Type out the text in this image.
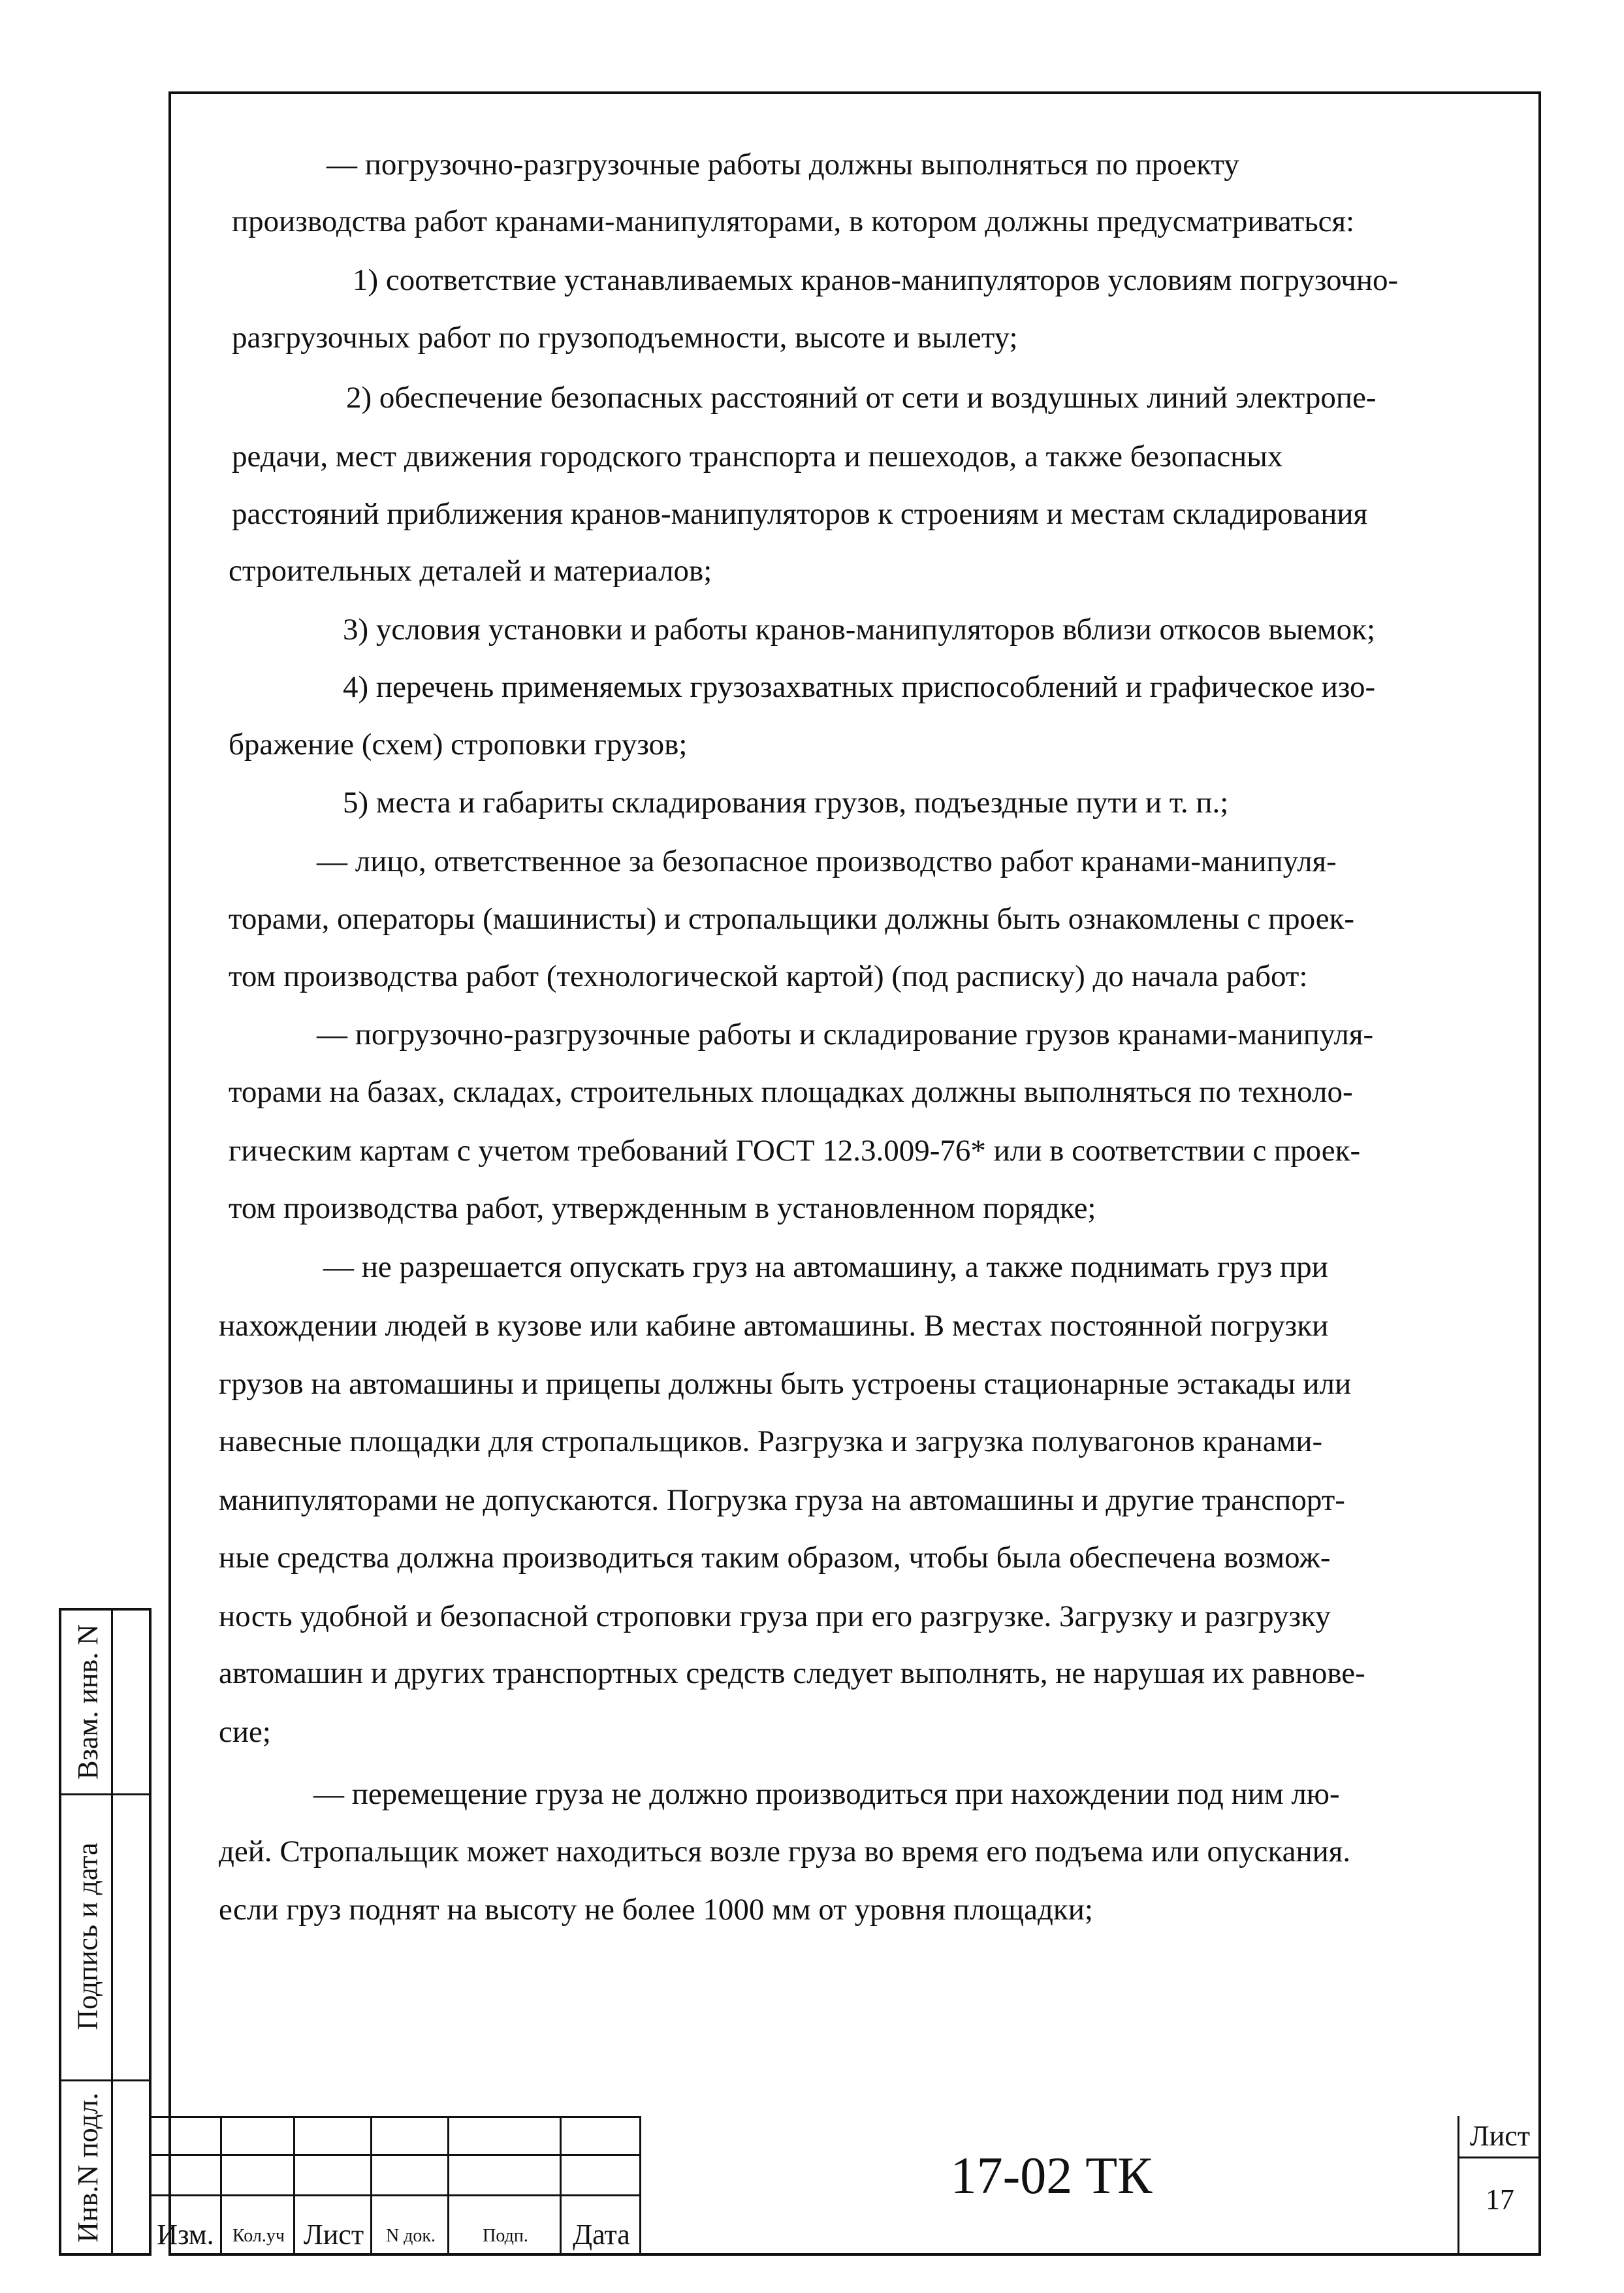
— погрузочно-разгрузочные работы должны выполняться по проекту
производства работ кранами-манипуляторами, в котором должны предусматриваться:
1) соответствие устанавливаемых кранов-манипуляторов условиям погрузочно-
разгрузочных работ по грузоподъемности, высоте и вылету;
2) обеспечение безопасных расстояний от сети и воздушных линий электропе-
редачи, мест движения городского транспорта и пешеходов, а также безопасных
расстояний приближения кранов-манипуляторов к строениям и местам складирования
строительных деталей и материалов;
3) условия установки и работы кранов-манипуляторов вблизи откосов выемок;
4) перечень применяемых грузозахватных приспособлений и графическое изо-
бражение (схем) строповки грузов;
5) места и габариты складирования грузов, подъездные пути и т. п.;
— лицо, ответственное за безопасное производство работ кранами-манипуля-
торами, операторы (машинисты) и стропальщики должны быть ознакомлены с проек-
том производства работ (технологической картой) (под расписку) до начала работ:
— погрузочно-разгрузочные работы и складирование грузов кранами-манипуля-
торами на базах, складах, строительных площадках должны выполняться по техноло-
гическим картам с учетом требований ГОСТ 12.3.009-76* или в соответствии с проек-
том производства работ, утвержденным в установленном порядке;
— не разрешается опускать груз на автомашину, а также поднимать груз при
нахождении людей в кузове или кабине автомашины. В местах постоянной погрузки
грузов на автомашины и прицепы должны быть устроены стационарные эстакады или
навесные площадки для стропальщиков. Разгрузка и загрузка полувагонов кранами-
манипуляторами не допускаются. Погрузка груза на автомашины и другие транспорт-
ные средства должна производиться таким образом, чтобы была обеспечена возмож-
ность удобной и безопасной строповки груза при его разгрузке. Загрузку и разгрузку
автомашин и других транспортных средств следует выполнять, не нарушая их равнове-
сие;
— перемещение груза не должно производиться при нахождении под ним лю-
дей. Стропальщик может находиться возле груза во время его подъема или опускания.
если груз поднят на высоту не более 1000 мм от уровня площадки;
Взам. инв. N
Подпись и дата
Инв.N подл. Изм.	Кол.уч Лист	N док.	Подп.	Дата
Лист
17
17-02 ТК
